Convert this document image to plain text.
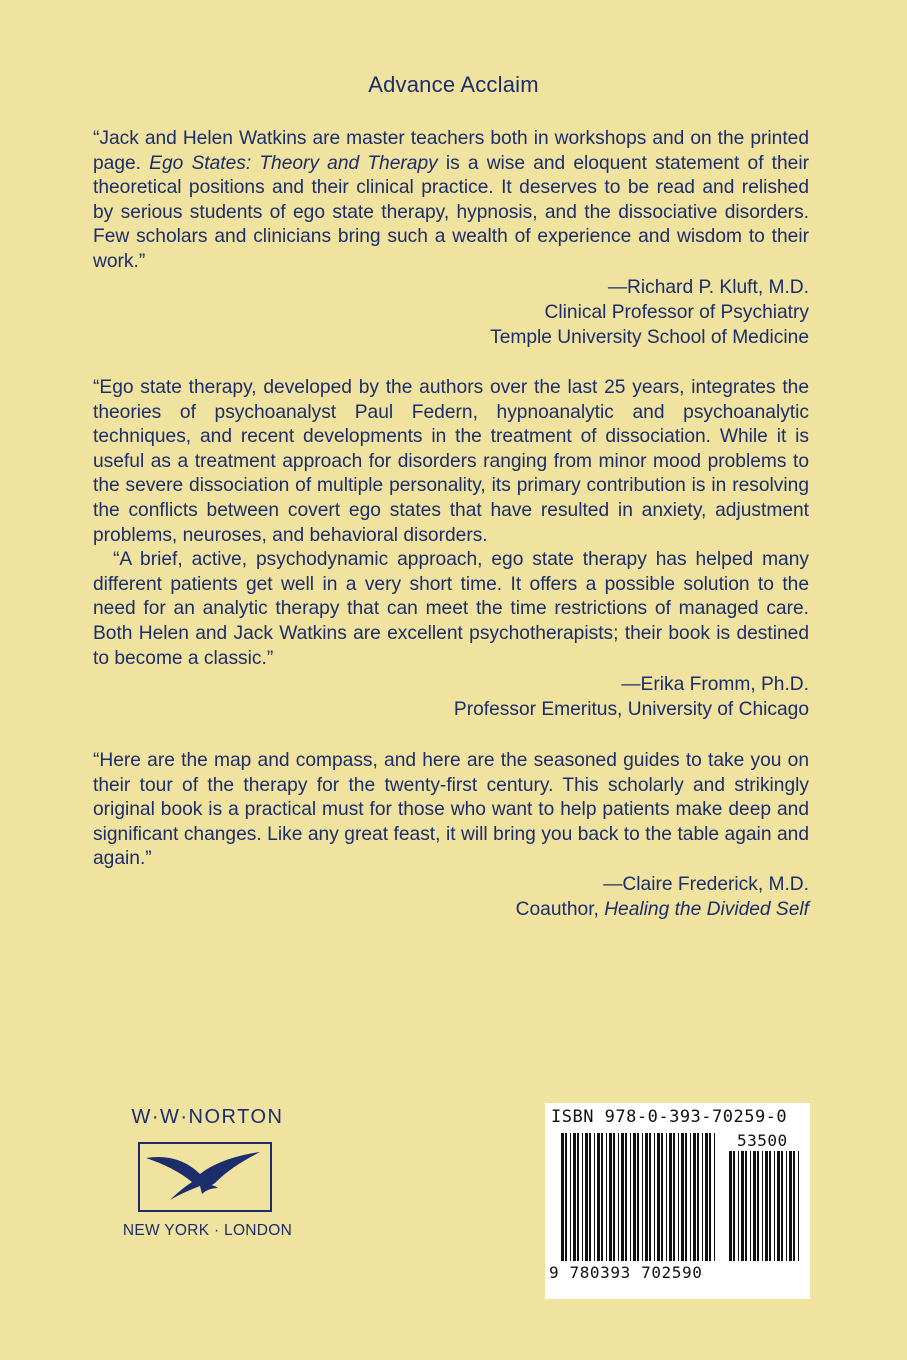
Advance Acclaim

“Jack and Helen Watkins are master teachers both in workshops and on the printed page. Ego States: Theory and Therapy is a wise and eloquent statement of their theoretical positions and their clinical practice. It deserves to be read and relished by serious students of ego state therapy, hypnosis, and the dissociative disorders. Few scholars and clinicians bring such a wealth of experience and wisdom to their work.”

—Richard P. Kluft, M.D.
Clinical Professor of Psychiatry
Temple University School of Medicine

“Ego state therapy, developed by the authors over the last 25 years, integrates the theories of psychoanalyst Paul Federn, hypnoanalytic and psychoanalytic techniques, and recent developments in the treatment of dissociation. While it is useful as a treatment approach for disorders ranging from minor mood problems to the severe dissociation of multiple personality, its primary contribution is in resolving the conflicts between covert ego states that have resulted in anxiety, adjustment problems, neuroses, and behavioral disorders.

“A brief, active, psychodynamic approach, ego state therapy has helped many different patients get well in a very short time. It offers a possible solution to the need for an analytic therapy that can meet the time restrictions of managed care. Both Helen and Jack Watkins are excellent psychotherapists; their book is destined to become a classic.”

—Erika Fromm, Ph.D.
Professor Emeritus, University of Chicago

“Here are the map and compass, and here are the seasoned guides to take you on their tour of the therapy for the twenty-first century. This scholarly and strikingly original book is a practical must for those who want to help patients make deep and significant changes. Like any great feast, it will bring you back to the table again and again.”

—Claire Frederick, M.D.
Coauthor, Healing the Divided Self
W·W·NORTON
NEW YORK · LONDON
ISBN 978-0-393-70259-0
53500
9 780393 702590
